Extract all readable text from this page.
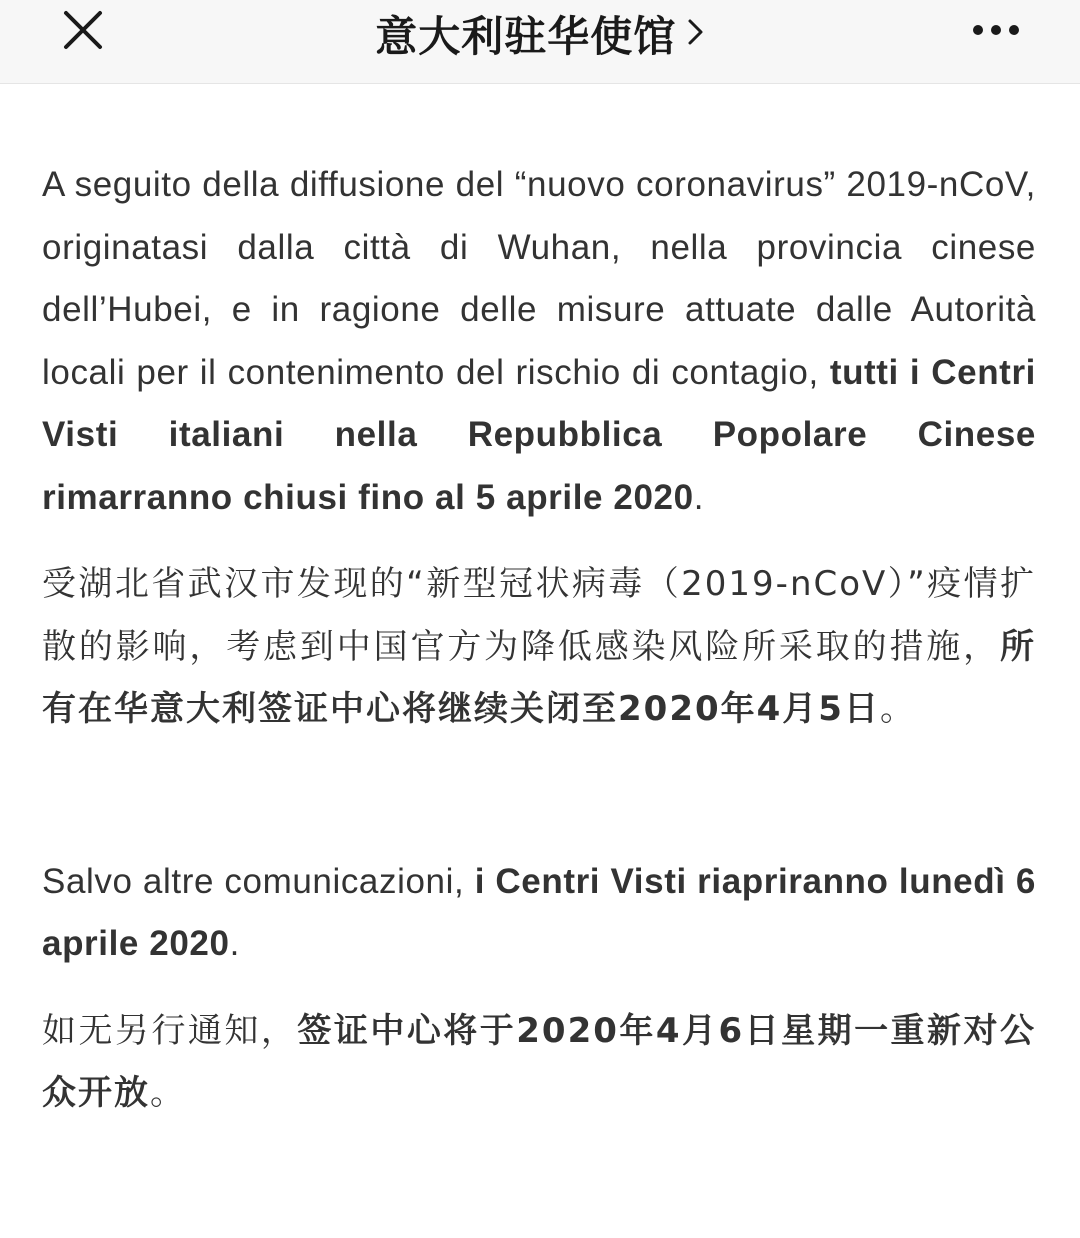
意大利驻华使馆

A seguito della diffusione del “nuovo coronavirus” 2019-nCoV, originatasi dalla città di Wuhan, nella provincia cinese dell’Hubei, e in ragione delle misure attuate dalle Autorità locali per il contenimento del rischio di contagio, tutti i Centri Visti italiani nella Repubblica Popolare Cinese rimarranno chiusi fino al 5 aprile 2020.

受湖北省武汉市发现的“新型冠状病毒（2019-nCoV）”疫情扩散的影响，考虑到中国官方为降低感染风险所采取的措施，所有在华意大利签证中心将继续关闭至2020年4月5日。

Salvo altre comunicazioni, i Centri Visti riapriranno lunedì 6 aprile 2020.

如无另行通知，签证中心将于2020年4月6日星期一重新对公众开放。
